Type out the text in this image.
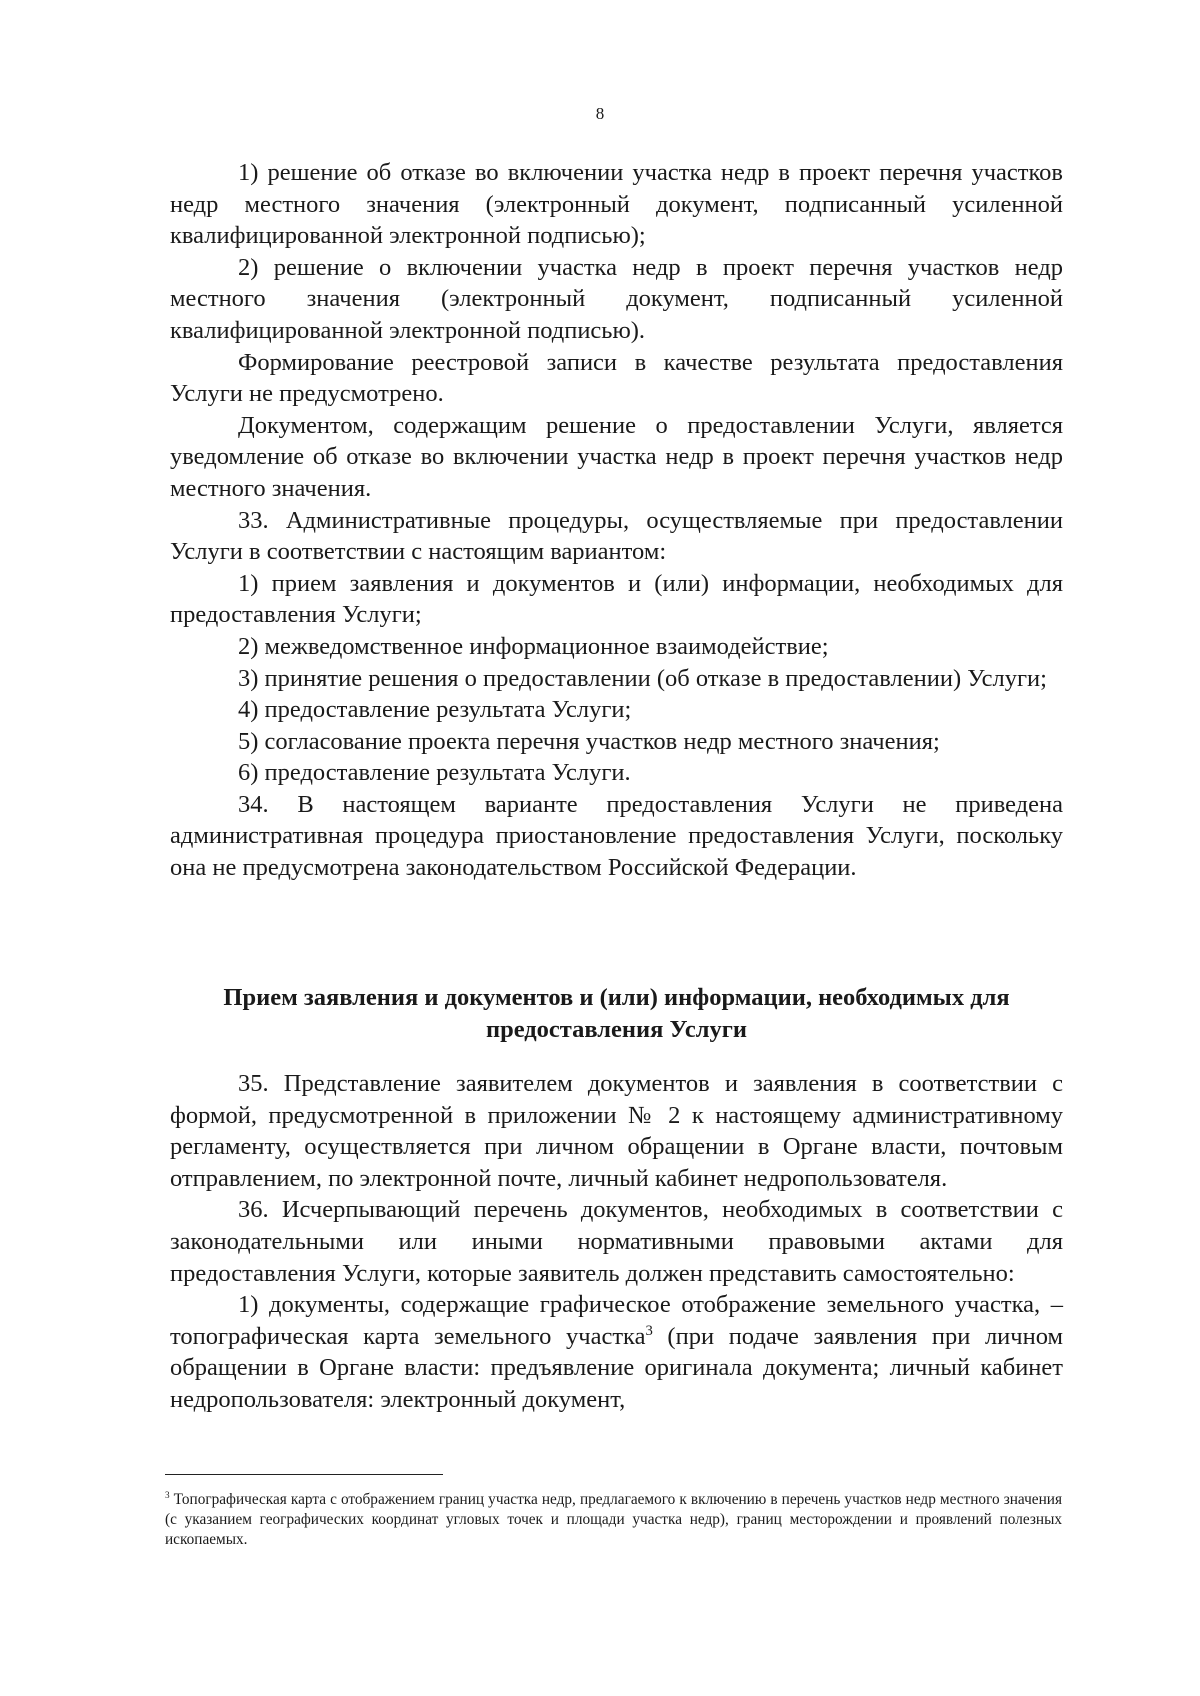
8

1) решение об отказе во включении участка недр в проект перечня участков недр местного значения (электронный документ, подписанный усиленной квалифицированной электронной подписью);

2) решение о включении участка недр в проект перечня участков недр местного значения (электронный документ, подписанный усиленной квалифицированной электронной подписью).

Формирование реестровой записи в качестве результата предоставления Услуги не предусмотрено.

Документом, содержащим решение о предоставлении Услуги, является уведомление об отказе во включении участка недр в проект перечня участков недр местного значения.

33. Административные процедуры, осуществляемые при предоставлении Услуги в соответствии с настоящим вариантом:

1) прием заявления и документов и (или) информации, необходимых для предоставления Услуги;

2) межведомственное информационное взаимодействие;

3) принятие решения о предоставлении (об отказе в предоставлении) Услуги;

4) предоставление результата Услуги;

5) согласование проекта перечня участков недр местного значения;

6) предоставление результата Услуги.

34. В настоящем варианте предоставления Услуги не приведена административная процедура приостановление предоставления Услуги, поскольку она не предусмотрена законодательством Российской Федерации.

Прием заявления и документов и (или) информации, необходимых для предоставления Услуги

35. Представление заявителем документов и заявления в соответствии с формой, предусмотренной в приложении № 2 к настоящему административному регламенту, осуществляется при личном обращении в Органе власти, почтовым отправлением, по электронной почте, личный кабинет недропользователя.

36. Исчерпывающий перечень документов, необходимых в соответствии с законодательными или иными нормативными правовыми актами для предоставления Услуги, которые заявитель должен представить самостоятельно:

1) документы, содержащие графическое отображение земельного участка, – топографическая карта земельного участка$^3$ (при подаче заявления при личном обращении в Органе власти: предъявление оригинала документа; личный кабинет недропользователя: электронный документ,

$^3$ Топографическая карта с отображением границ участка недр, предлагаемого к включению в перечень участков недр местного значения (с указанием географических координат угловых точек и площади участка недр), границ месторождении и проявлений полезных ископаемых.
